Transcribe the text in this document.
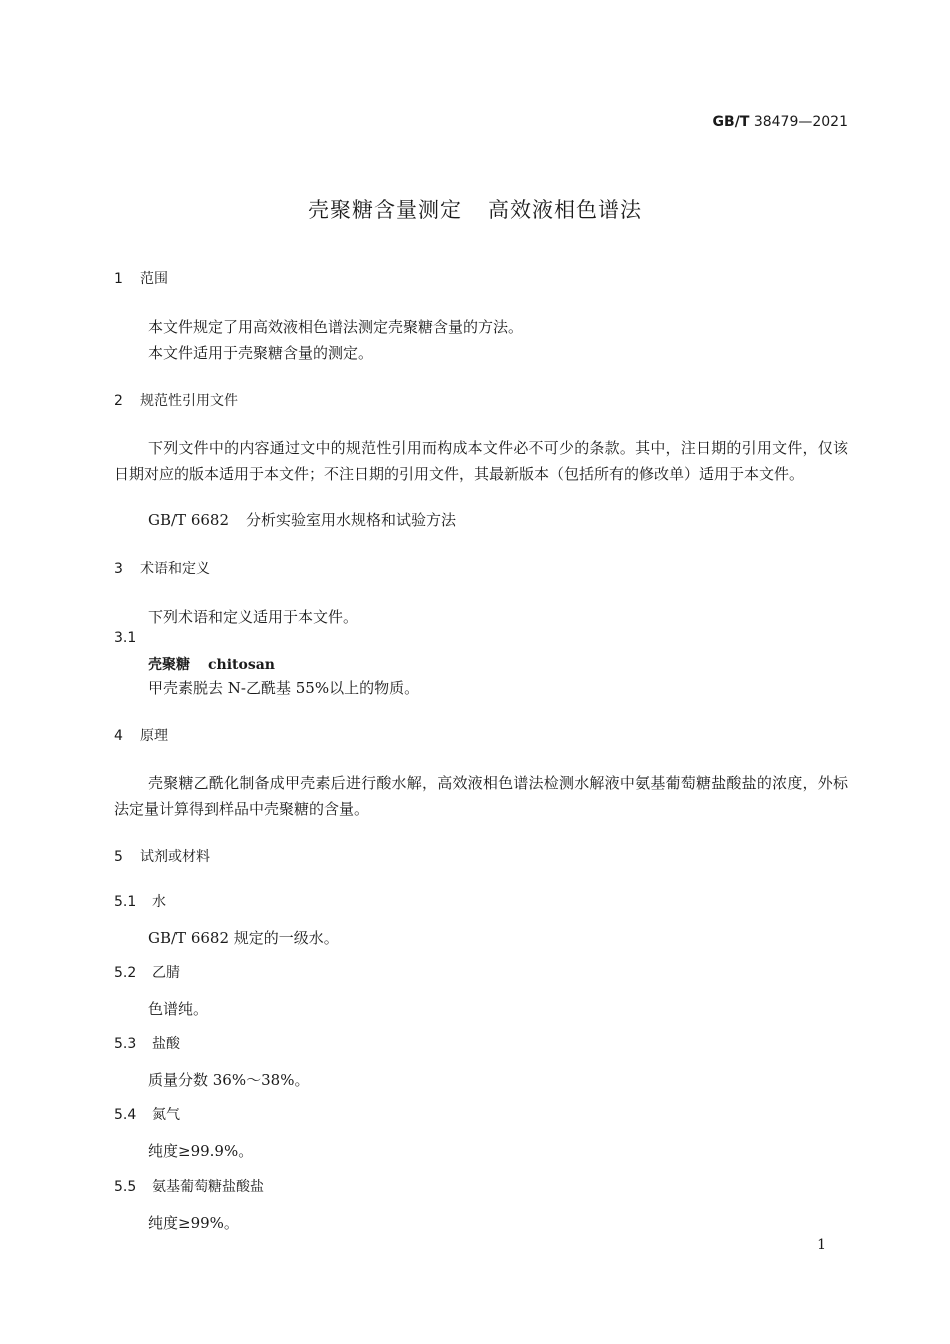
GB/T 38479—2021
壳聚糖含量测定 高效液相色谱法
1 范围
本文件规定了用高效液相色谱法测定壳聚糖含量的方法。
本文件适用于壳聚糖含量的测定。
2 规范性引用文件

下列文件中的内容通过文中的规范性引用而构成本文件必不可少的条款。其中，注日期的引用文件，仅该日期对应的版本适用于本文件；不注日期的引用文件，其最新版本（包括所有的修改单）适用于本文件。

GB/T 6682 分析实验室用水规格和试验方法
3 术语和定义
下列术语和定义适用于本文件。
3.1
壳聚糖 chitosan
甲壳素脱去 N-乙酰基 55%以上的物质。
4 原理

壳聚糖乙酰化制备成甲壳素后进行酸水解，高效液相色谱法检测水解液中氨基葡萄糖盐酸盐的浓度，外标法定量计算得到样品中壳聚糖的含量。

5 试剂或材料
5.1 水
GB/T 6682 规定的一级水。
5.2 乙腈
色谱纯。
5.3 盐酸
质量分数 36%～38%。
5.4 氮气
纯度≥99.9%。
5.5 氨基葡萄糖盐酸盐
纯度≥99%。
1
